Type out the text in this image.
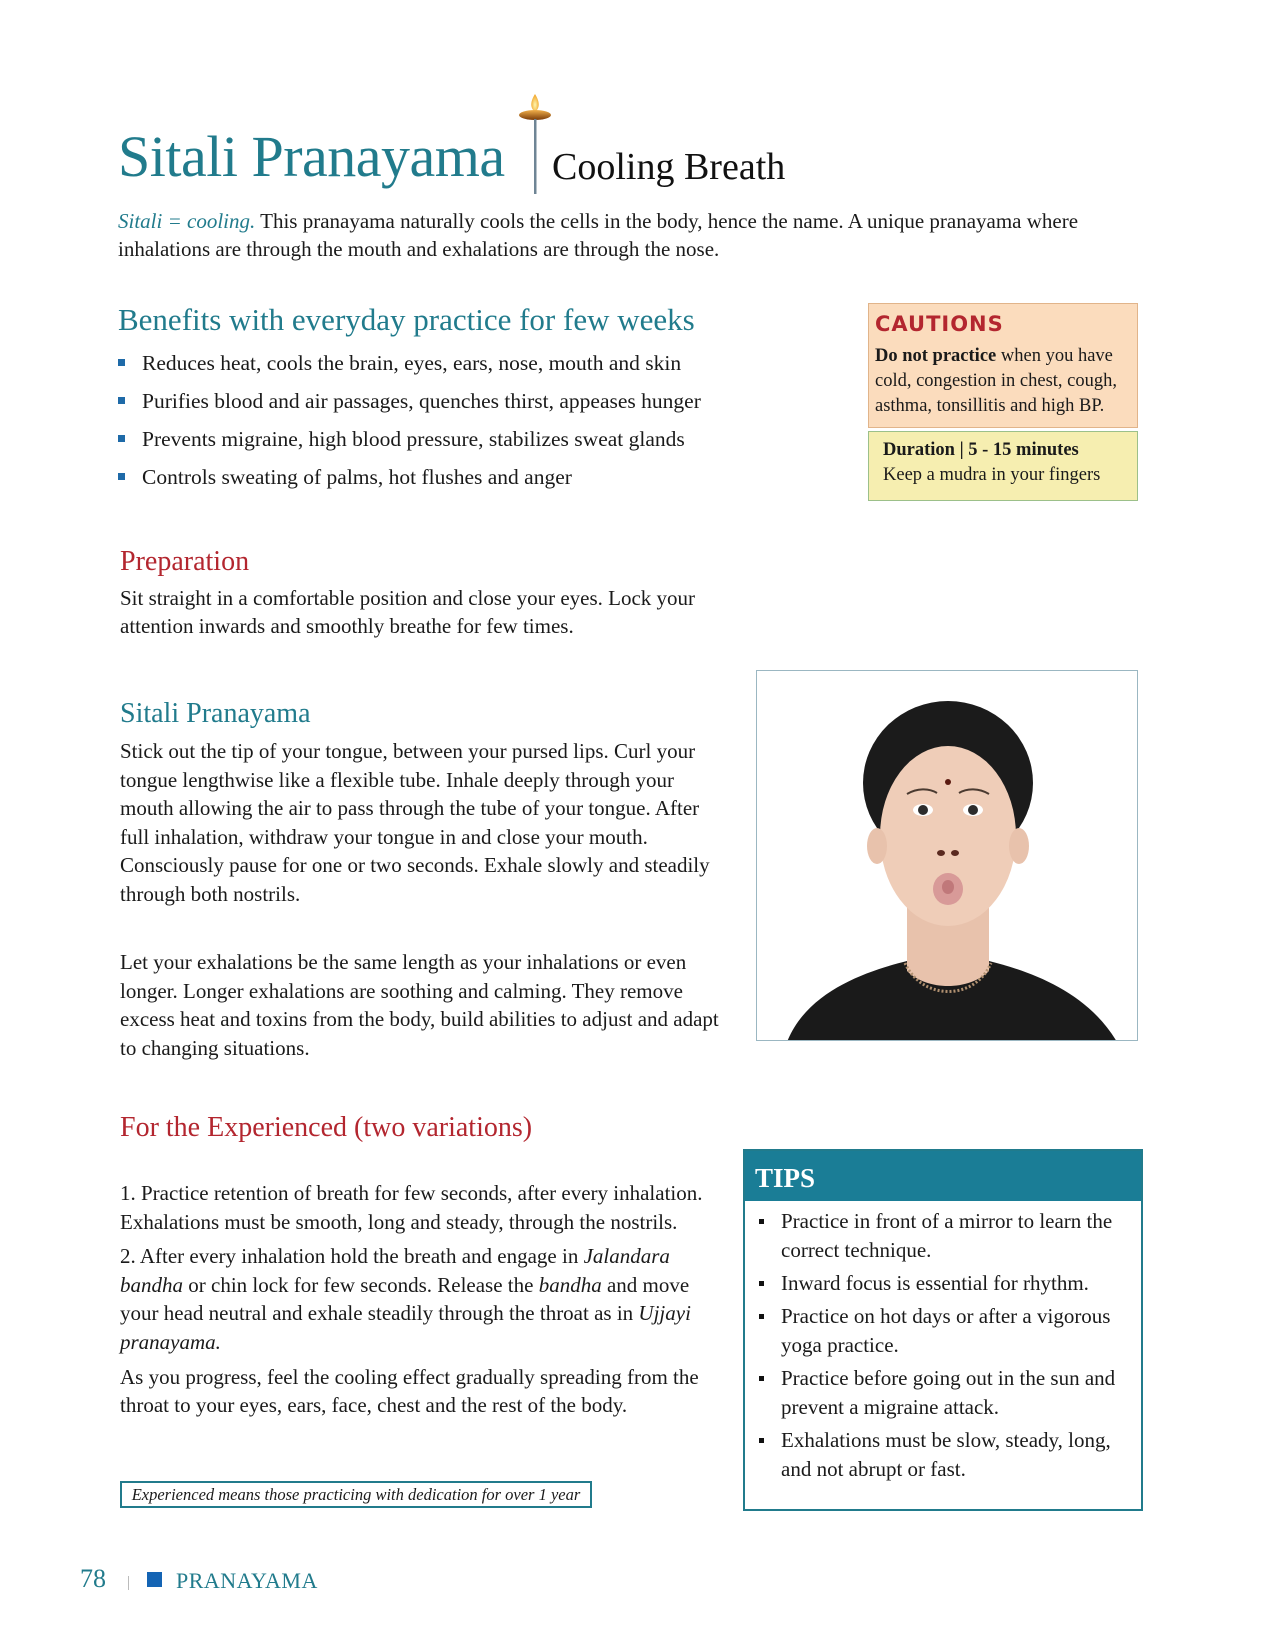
Sitali Pranayama Cooling Breath
Sitali = cooling. This pranayama naturally cools the cells in the body, hence the name. A unique pranayama where inhalations are through the mouth and exhalations are through the nose.
Benefits with everyday practice for few weeks
Reduces heat, cools the brain, eyes, ears, nose, mouth and skin
Purifies blood and air passages, quenches thirst, appeases hunger
Prevents migraine, high blood pressure, stabilizes sweat glands
Controls sweating of palms, hot flushes and anger
CAUTIONS
Do not practice when you have cold, congestion in chest, cough, asthma, tonsillitis and high BP.
Duration | 5 - 15 minutes
Keep a mudra in your fingers
Preparation
Sit straight in a comfortable position and close your eyes. Lock your attention inwards and smoothly breathe for few times.
Sitali Pranayama
Stick out the tip of your tongue, between your pursed lips. Curl your tongue lengthwise like a flexible tube. Inhale deeply through your mouth allowing the air to pass through the tube of your tongue. After full inhalation, withdraw your tongue in and close your mouth. Consciously pause for one or two seconds. Exhale slowly and steadily through both nostrils.
Let your exhalations be the same length as your inhalations or even longer. Longer exhalations are soothing and calming. They remove excess heat and toxins from the body, build abilities to adjust and adapt to changing situations.
For the Experienced (two variations)

1. Practice retention of breath for few seconds, after every inhalation. Exhalations must be smooth, long and steady, through the nostrils.

2. After every inhalation hold the breath and engage in Jalandara bandha or chin lock for few seconds. Release the bandha and move your head neutral and exhale steadily through the throat as in Ujjayi pranayama.

As you progress, feel the cooling effect gradually spreading from the throat to your eyes, ears, face, chest and the rest of the body.

Experienced means those practicing with dedication for over 1 year
TIPS
Practice in front of a mirror to learn the correct technique.
Inward focus is essential for rhythm.
Practice on hot days or after a vigorous yoga practice.
Practice before going out in the sun and prevent a migraine attack.
Exhalations must be slow, steady, long, and not abrupt or fast.
78	PRANAYAMA
